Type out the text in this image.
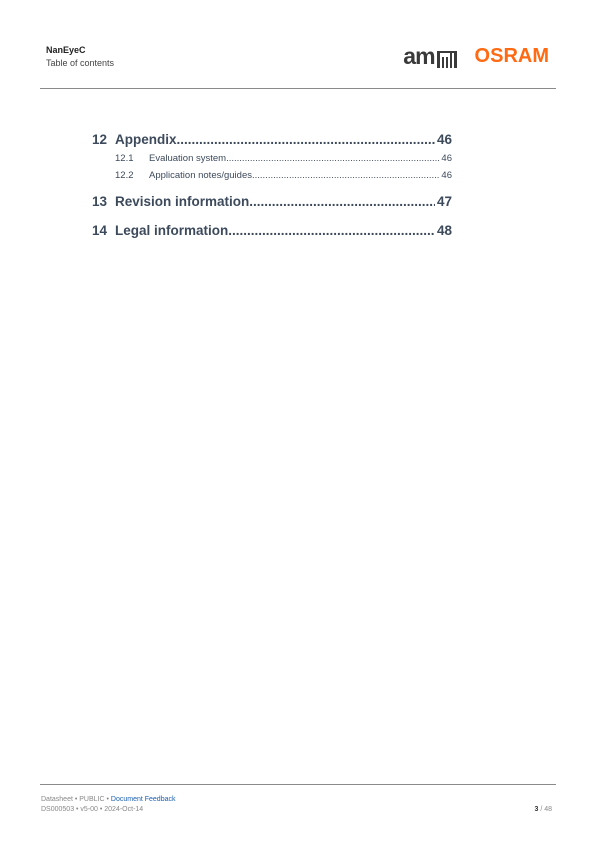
NanEyeC
Table of contents	am OSRAM
12 Appendix .....	46
12.1	Evaluation system .....	46
12.2	Application notes/guides .....	46
13 Revision information .....	47
14 Legal information .....	48
Datasheet • PUBLIC • Document Feedback
DS000503 • v5-00 • 2024-Oct-14	3 / 48
